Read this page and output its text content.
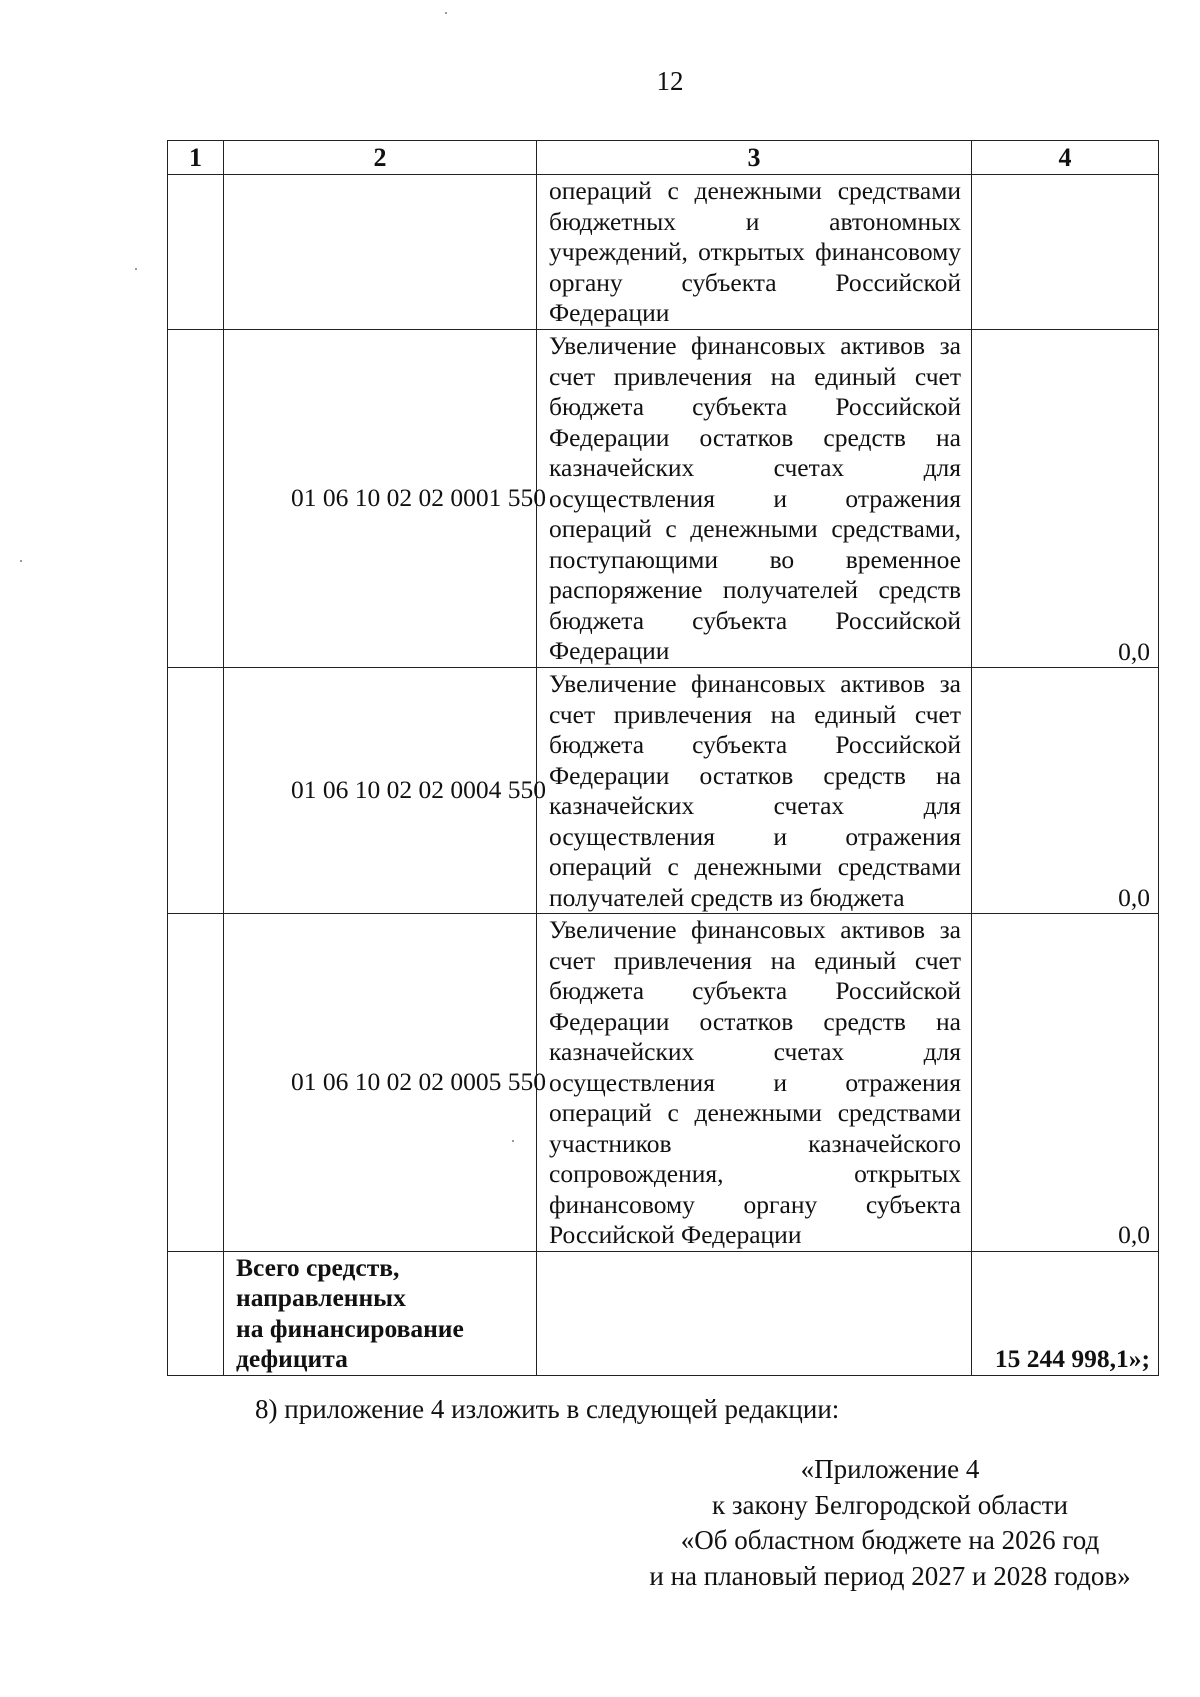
12
1	2	3	4

		операций с денежными средствами бюджетных и автономных учреждений, открытых финансовому органу субъекта Российской Федерации	

	01 06 10 02 02 0001 550	Увеличение финансовых активов за счет привлечения на единый счет бюджета субъекта Российской Федерации остатков средств на казначейских счетах для осуществления и отражения операций с денежными средствами, поступающими во временное распоряжение получателей средств бюджета субъекта Российской Федерации	0,0
	01 06 10 02 02 0004 550	Увеличение финансовых активов за счет привлечения на единый счет бюджета субъекта Российской Федерации остатков средств на казначейских счетах для осуществления и отражения операций с денежными средствами получателей средств из бюджета	0,0
	01 06 10 02 02 0005 550	Увеличение финансовых активов за счет привлечения на единый счет бюджета субъекта Российской Федерации остатков средств на казначейских счетах для осуществления и отражения операций с денежными средствами участников казначейского сопровождения, открытых финансовому органу субъекта Российской Федерации	0,0

	Всего средств,
направленных
на финансирование
дефицита		15 244 998,1»;
8) приложение 4 изложить в следующей редакции:
«Приложение 4
к закону Белгородской области
«Об областном бюджете на 2026 год
и на плановый период 2027 и 2028 годов»
